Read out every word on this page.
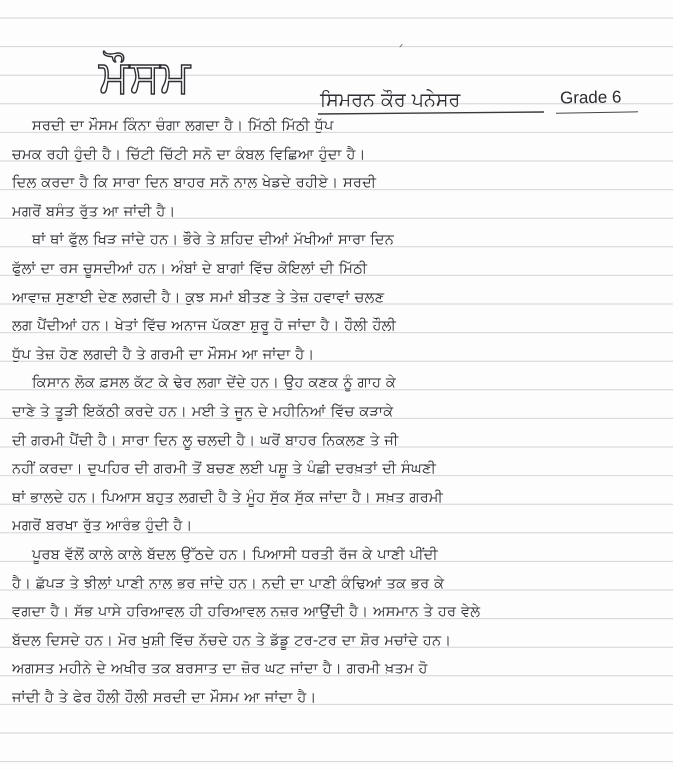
ਮੌਸਮ	ਸਿਮਰਨ ਕੌਰ ਪਨੇਸਰ
ᐟ
Grade 6
ਸਰਦੀ ਦਾ ਮੌਸਮ ਕਿੰਨਾ ਚੰਗਾ ਲਗਦਾ ਹੈ। ਮਿੱਠੀ ਮਿੱਠੀ ਧੁੱਪ
ਚਮਕ ਰਹੀ ਹੁੰਦੀ ਹੈ। ਚਿੱਟੀ ਚਿੱਟੀ ਸਨੋ ਦਾ ਕੰਬਲ ਵਿਛਿਆ ਹੁੰਦਾ ਹੈ।
ਦਿਲ ਕਰਦਾ ਹੈ ਕਿ ਸਾਰਾ ਦਿਨ ਬਾਹਰ ਸਨੋ ਨਾਲ ਖੇਡਦੇ ਰਹੀਏ। ਸਰਦੀ
ਮਗਰੋਂ ਬਸੰਤ ਰੁੱਤ ਆ ਜਾਂਦੀ ਹੈ।
ਥਾਂ ਥਾਂ ਫੁੱਲ ਖਿੜ ਜਾਂਦੇ ਹਨ। ਭੌਰੇ ਤੇ ਸ਼ਹਿਦ ਦੀਆਂ ਮੱਖੀਆਂ ਸਾਰਾ ਦਿਨ
ਫੁੱਲਾਂ ਦਾ ਰਸ ਚੂਸਦੀਆਂ ਹਨ। ਅੰਬਾਂ ਦੇ ਬਾਗਾਂ ਵਿੱਚ ਕੋਇਲਾਂ ਦੀ ਮਿੱਠੀ
ਆਵਾਜ਼ ਸੁਣਾਈ ਦੇਣ ਲਗਦੀ ਹੈ। ਕੁਝ ਸਮਾਂ ਬੀਤਣ ਤੇ ਤੇਜ਼ ਹਵਾਵਾਂ ਚਲਣ
ਲਗ ਪੈਂਦੀਆਂ ਹਨ। ਖੇਤਾਂ ਵਿੱਚ ਅਨਾਜ ਪੱਕਣਾ ਸ਼ੁਰੂ ਹੋ ਜਾਂਦਾ ਹੈ। ਹੌਲੀ ਹੌਲੀ
ਧੁੱਪ ਤੇਜ਼ ਹੋਣ ਲਗਦੀ ਹੈ ਤੇ ਗਰਮੀ ਦਾ ਮੌਸਮ ਆ ਜਾਂਦਾ ਹੈ।
ਕਿਸਾਨ ਲੋਕ ਫ਼ਸਲ ਕੱਟ ਕੇ ਢੇਰ ਲਗਾ ਦੇਂਦੇ ਹਨ। ਉਹ ਕਣਕ ਨੂੰ ਗਾਹ ਕੇ
ਦਾਣੇ ਤੇ ਤੂੜੀ ਇਕੱਠੀ ਕਰਦੇ ਹਨ। ਮਈ ਤੇ ਜੂਨ ਦੇ ਮਹੀਨਿਆਂ ਵਿੱਚ ਕੜਾਕੇ
ਦੀ ਗਰਮੀ ਪੈਂਦੀ ਹੈ। ਸਾਰਾ ਦਿਨ ਲੂ ਚਲਦੀ ਹੈ। ਘਰੋਂ ਬਾਹਰ ਨਿਕਲਣ ਤੇ ਜੀ
ਨਹੀਂ ਕਰਦਾ। ਦੁਪਹਿਰ ਦੀ ਗਰਮੀ ਤੋਂ ਬਚਣ ਲਈ ਪਸ਼ੂ ਤੇ ਪੰਛੀ ਦਰਖ਼ਤਾਂ ਦੀ ਸੰਘਣੀ
ਥਾਂ ਭਾਲਦੇ ਹਨ। ਪਿਆਸ ਬਹੁਤ ਲਗਦੀ ਹੈ ਤੇ ਮੂੰਹ ਸੁੱਕ ਸੁੱਕ ਜਾਂਦਾ ਹੈ। ਸਖ਼ਤ ਗਰਮੀ
ਮਗਰੋਂ ਬਰਖਾ ਰੁੱਤ ਆਰੰਭ ਹੁੰਦੀ ਹੈ।
ਪੂਰਬ ਵੱਲੋਂ ਕਾਲੇ ਕਾਲੇ ਬੱਦਲ ਉੱਠਦੇ ਹਨ। ਪਿਆਸੀ ਧਰਤੀ ਰੱਜ ਕੇ ਪਾਣੀ ਪੀਂਦੀ
ਹੈ। ਛੱਪੜ ਤੇ ਝੀਲਾਂ ਪਾਣੀ ਨਾਲ ਭਰ ਜਾਂਦੇ ਹਨ। ਨਦੀ ਦਾ ਪਾਣੀ ਕੰਢਿਆਂ ਤਕ ਭਰ ਕੇ
ਵਗਦਾ ਹੈ। ਸੱਭ ਪਾਸੇ ਹਰਿਆਵਲ ਹੀ ਹਰਿਆਵਲ ਨਜ਼ਰ ਆਉਂਦੀ ਹੈ। ਅਸਮਾਨ ਤੇ ਹਰ ਵੇਲੇ
ਬੱਦਲ ਦਿਸਦੇ ਹਨ। ਮੋਰ ਖੁਸ਼ੀ ਵਿੱਚ ਨੱਚਦੇ ਹਨ ਤੇ ਡੱਡੂ ਟਰ-ਟਰ ਦਾ ਸ਼ੋਰ ਮਚਾਂਦੇ ਹਨ।
ਅਗਸਤ ਮਹੀਨੇ ਦੇ ਅਖੀਰ ਤਕ ਬਰਸਾਤ ਦਾ ਜ਼ੋਰ ਘਟ ਜਾਂਦਾ ਹੈ। ਗਰਮੀ ਖ਼ਤਮ ਹੋ
ਜਾਂਦੀ ਹੈ ਤੇ ਫੇਰ ਹੌਲੀ ਹੌਲੀ ਸਰਦੀ ਦਾ ਮੌਸਮ ਆ ਜਾਂਦਾ ਹੈ।
